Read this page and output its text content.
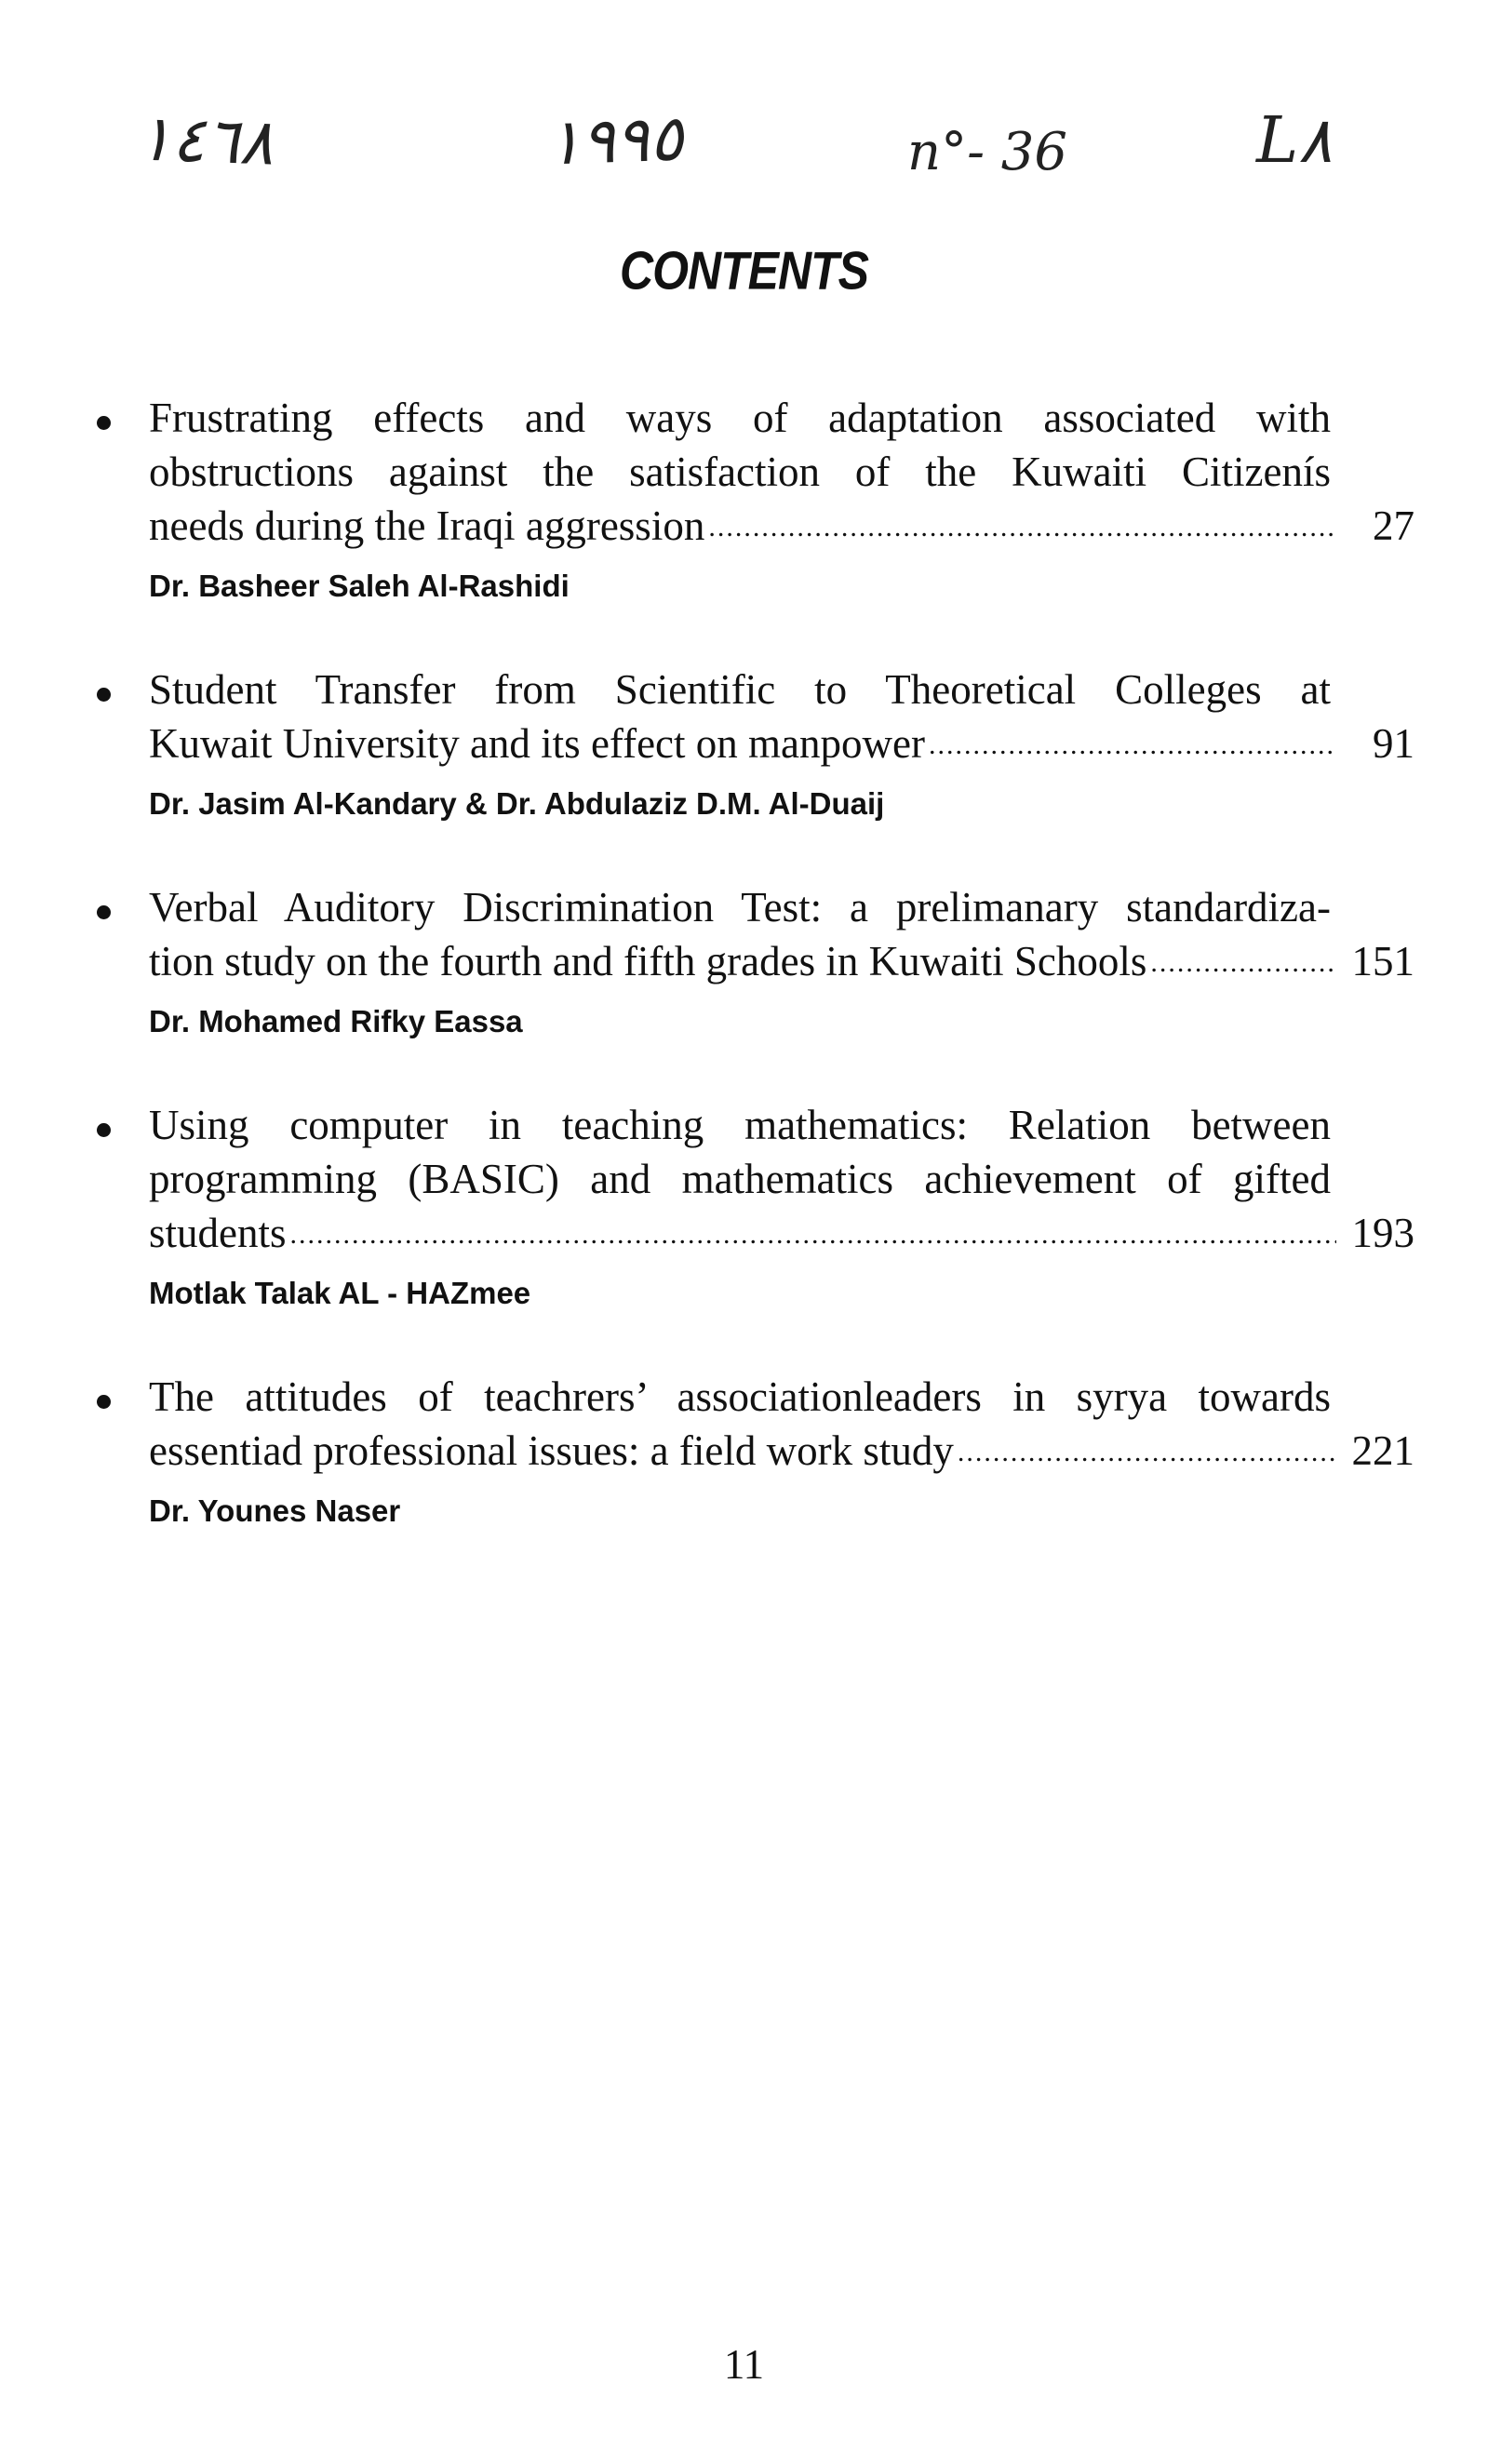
١٤٦٨	١٩٩٥	n°- 36	L٨
CONTENTS
Frustrating effects and ways of adaptation associated with
obstructions against the satisfaction of the Kuwaiti Citizenís
needs during the Iraqi aggression .....	27
Dr. Basheer Saleh Al-Rashidi
Student Transfer from Scientific to Theoretical Colleges at
Kuwait University and its effect on manpower .....	91
Dr. Jasim Al-Kandary & Dr. Abdulaziz D.M. Al-Duaij
Verbal Auditory Discrimination Test: a prelimanary standardiza-
tion study on the fourth and fifth grades in Kuwaiti Schools .....	151
Dr. Mohamed Rifky Eassa
Using computer in teaching mathematics: Relation between
programming (BASIC) and mathematics achievement of gifted
students .....	193
Motlak Talak AL - HAZmee
The attitudes of teachrers’ associationleaders in syrya towards
essentiad professional issues: a field work study .....	221
Dr. Younes Naser
11
